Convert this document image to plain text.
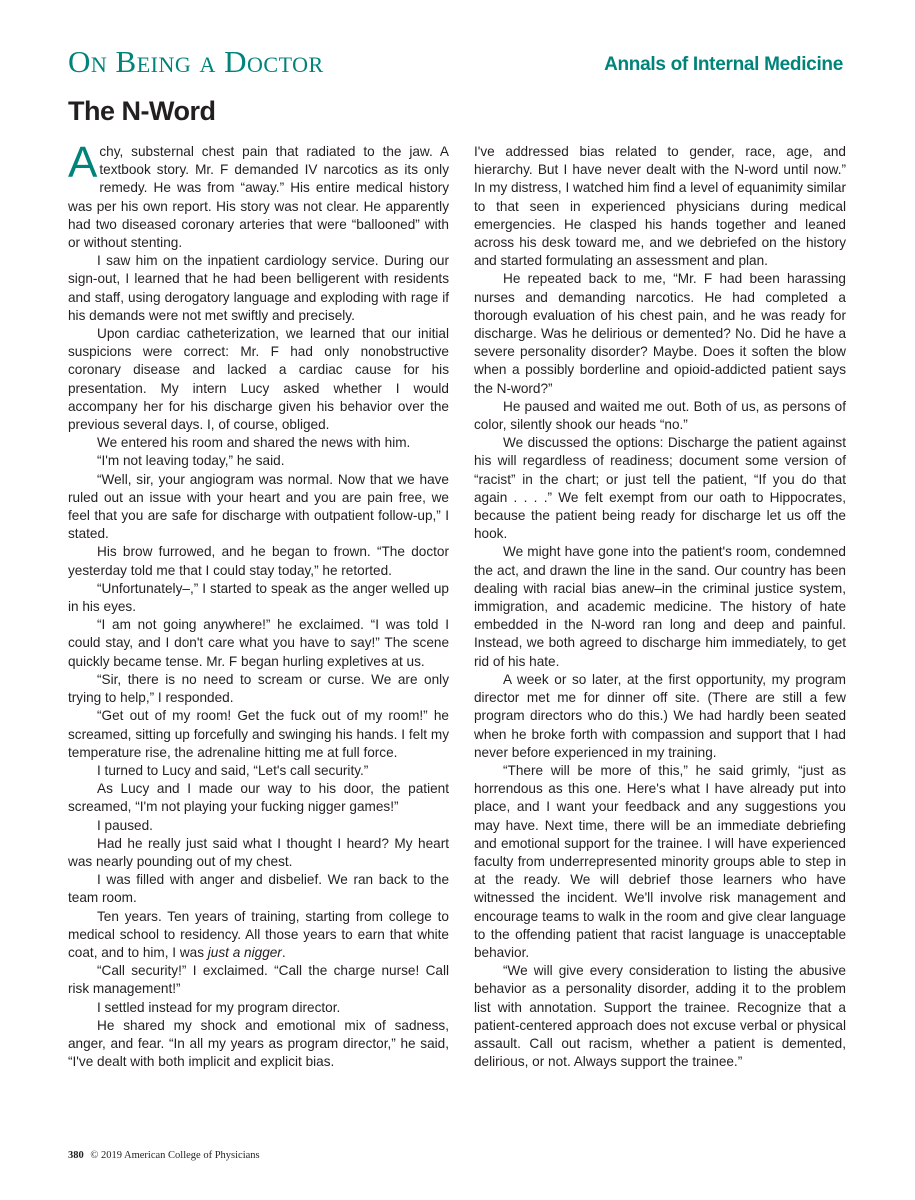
On Being a Doctor	Annals of Internal Medicine
The N-Word

Achy, substernal chest pain that radiated to the jaw. A textbook story. Mr. F demanded IV narcotics as its only remedy. He was from “away.” His entire medical history was per his own report. His story was not clear. He apparently had two diseased coronary arteries that were “ballooned” with or without stenting.

I saw him on the inpatient cardiology service. During our sign-out, I learned that he had been belligerent with residents and staff, using derogatory language and exploding with rage if his demands were not met swiftly and precisely.

Upon cardiac catheterization, we learned that our initial suspicions were correct: Mr. F had only nonobstructive coronary disease and lacked a cardiac cause for his presentation. My intern Lucy asked whether I would accompany her for his discharge given his behavior over the previous several days. I, of course, obliged.

We entered his room and shared the news with him.

“I'm not leaving today,” he said.

“Well, sir, your angiogram was normal. Now that we have ruled out an issue with your heart and you are pain free, we feel that you are safe for discharge with outpatient follow-up,” I stated.

His brow furrowed, and he began to frown. “The doctor yesterday told me that I could stay today,” he retorted.

“Unfortunately–,” I started to speak as the anger welled up in his eyes.

“I am not going anywhere!” he exclaimed. “I was told I could stay, and I don't care what you have to say!” The scene quickly became tense. Mr. F began hurling expletives at us.

“Sir, there is no need to scream or curse. We are only trying to help,” I responded.

“Get out of my room! Get the fuck out of my room!” he screamed, sitting up forcefully and swinging his hands. I felt my temperature rise, the adrenaline hitting me at full force.

I turned to Lucy and said, “Let's call security.”

As Lucy and I made our way to his door, the patient screamed, “I'm not playing your fucking nigger games!”

I paused.

Had he really just said what I thought I heard? My heart was nearly pounding out of my chest.

I was filled with anger and disbelief. We ran back to the team room.

Ten years. Ten years of training, starting from college to medical school to residency. All those years to earn that white coat, and to him, I was just a nigger.

“Call security!” I exclaimed. “Call the charge nurse! Call risk management!”

I settled instead for my program director.

He shared my shock and emotional mix of sadness, anger, and fear. “In all my years as program director,” he said, “I've dealt with both implicit and explicit bias.

I've addressed bias related to gender, race, age, and hierarchy. But I have never dealt with the N-word until now.” In my distress, I watched him find a level of equanimity similar to that seen in experienced physicians during medical emergencies. He clasped his hands together and leaned across his desk toward me, and we debriefed on the history and started formulating an assessment and plan.

He repeated back to me, “Mr. F had been harassing nurses and demanding narcotics. He had completed a thorough evaluation of his chest pain, and he was ready for discharge. Was he delirious or demented? No. Did he have a severe personality disorder? Maybe. Does it soften the blow when a possibly borderline and opioid-addicted patient says the N-word?”

He paused and waited me out. Both of us, as persons of color, silently shook our heads “no.”

We discussed the options: Discharge the patient against his will regardless of readiness; document some version of “racist” in the chart; or just tell the patient, “If you do that again . . . .” We felt exempt from our oath to Hippocrates, because the patient being ready for discharge let us off the hook.

We might have gone into the patient's room, condemned the act, and drawn the line in the sand. Our country has been dealing with racial bias anew–in the criminal justice system, immigration, and academic medicine. The history of hate embedded in the N-word ran long and deep and painful. Instead, we both agreed to discharge him immediately, to get rid of his hate.

A week or so later, at the first opportunity, my program director met me for dinner off site. (There are still a few program directors who do this.) We had hardly been seated when he broke forth with compassion and support that I had never before experienced in my training.

“There will be more of this,” he said grimly, “just as horrendous as this one. Here's what I have already put into place, and I want your feedback and any suggestions you may have. Next time, there will be an immediate debriefing and emotional support for the trainee. I will have experienced faculty from underrepresented minority groups able to step in at the ready. We will debrief those learners who have witnessed the incident. We'll involve risk management and encourage teams to walk in the room and give clear language to the offending patient that racist language is unacceptable behavior.

“We will give every consideration to listing the abusive behavior as a personality disorder, adding it to the problem list with annotation. Support the trainee. Recognize that a patient-centered approach does not excuse verbal or physical assault. Call out racism, whether a patient is demented, delirious, or not. Always support the trainee.”

380 © 2019 American College of Physicians
